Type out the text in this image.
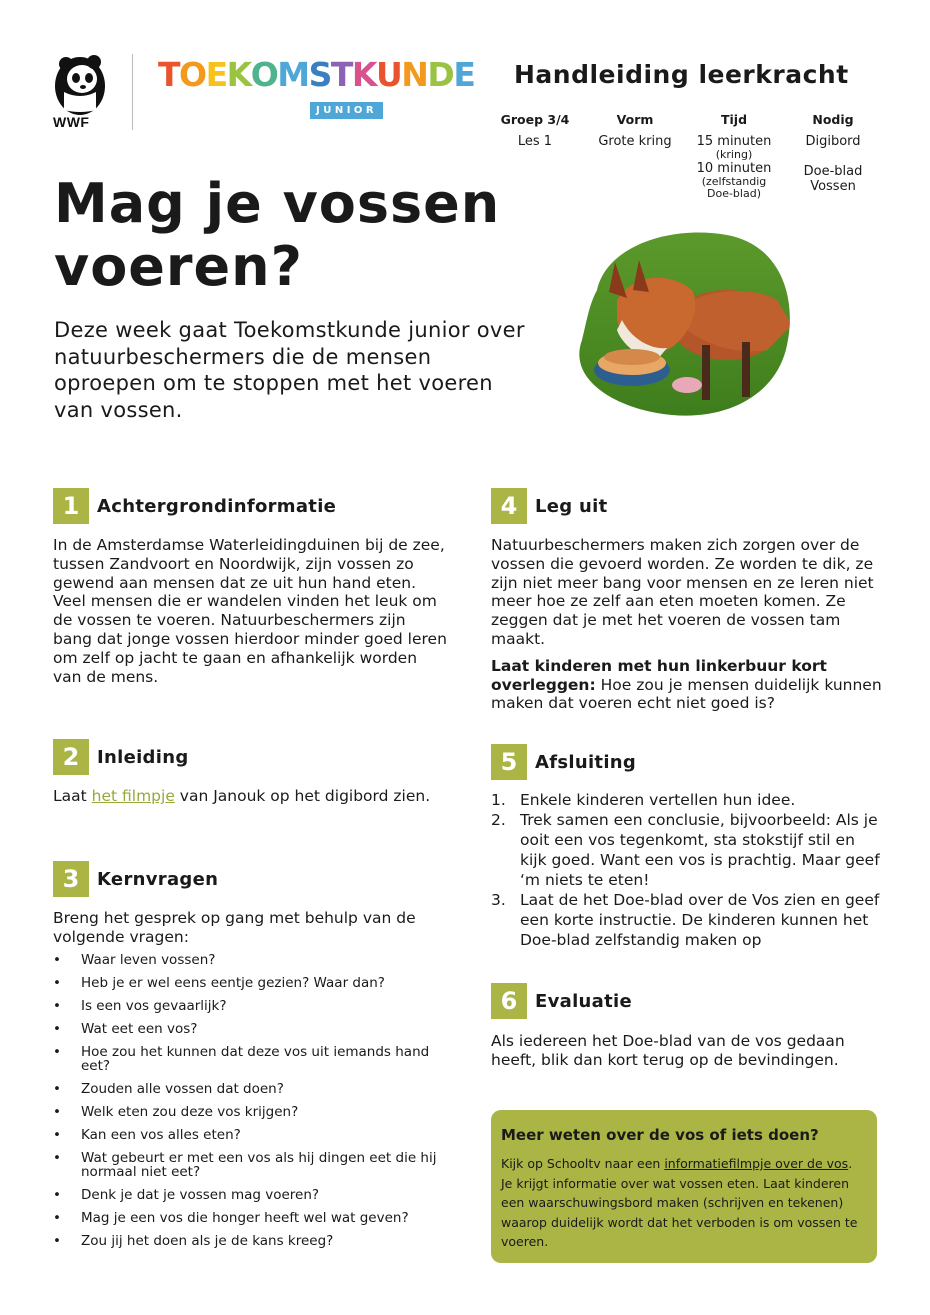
WWF
TOEKOMSTKUNDE
JUNIOR
Handleiding leerkracht
Groep 3/4
Les 1
Vorm
Grote kring
Tijd
15 minuten
(kring)
10 minuten
(zelfstandig
Doe-blad)
Nodig
Digibord
Doe-blad
Vossen
Mag je vossen
voeren?
Deze week gaat Toekomstkunde junior over natuurbeschermers die de mensen oproepen om te stoppen met het voeren van vossen.
1 Achtergrondinformatie
In de Amsterdamse Waterleidingduinen bij de zee, tussen Zandvoort en Noordwijk, zijn vossen zo gewend aan mensen dat ze uit hun hand eten. Veel mensen die er wandelen vinden het leuk om de vossen te voeren. Natuurbeschermers zijn bang dat jonge vossen hierdoor minder goed leren om zelf op jacht te gaan en afhankelijk worden van de mens.
2 Inleiding
Laat het filmpje van Janouk op het digibord zien.
3 Kernvragen
Breng het gesprek op gang met behulp van de volgende vragen:
• Waar leven vossen?
• Heb je er wel eens eentje gezien? Waar dan?
• Is een vos gevaarlijk?
• Wat eet een vos?
• Hoe zou het kunnen dat deze vos uit iemands hand eet?
• Zouden alle vossen dat doen?
• Welk eten zou deze vos krijgen?
• Kan een vos alles eten?
• Wat gebeurt er met een vos als hij dingen eet die hij normaal niet eet?
• Denk je dat je vossen mag voeren?
• Mag je een vos die honger heeft wel wat geven?
• Zou jij het doen als je de kans kreeg?
4 Leg uit
Natuurbeschermers maken zich zorgen over de vossen die gevoerd worden. Ze worden te dik, ze zijn niet meer bang voor mensen en ze leren niet meer hoe ze zelf aan eten moeten komen. Ze zeggen dat je met het voeren de vossen tam maakt.
Laat kinderen met hun linkerbuur kort overleggen: Hoe zou je mensen duidelijk kunnen maken dat voeren echt niet goed is?
5 Afsluiting
1. Enkele kinderen vertellen hun idee.
2. Trek samen een conclusie, bijvoorbeeld: Als je ooit een vos tegenkomt, sta stokstijf stil en kijk goed. Want een vos is prachtig. Maar geef ‘m niets te eten!
3. Laat de het Doe-blad over de Vos zien en geef een korte instructie. De kinderen kunnen het Doe-blad zelfstandig maken op
6 Evaluatie
Als iedereen het Doe-blad van de vos gedaan heeft, blik dan kort terug op de bevindingen.
Meer weten over de vos of iets doen?
Kijk op Schooltv naar een informatiefilmpje over de vos. Je krijgt informatie over wat vossen eten. Laat kinderen een waarschuwingsbord maken (schrijven en tekenen) waarop duidelijk wordt dat het verboden is om vossen te voeren.
